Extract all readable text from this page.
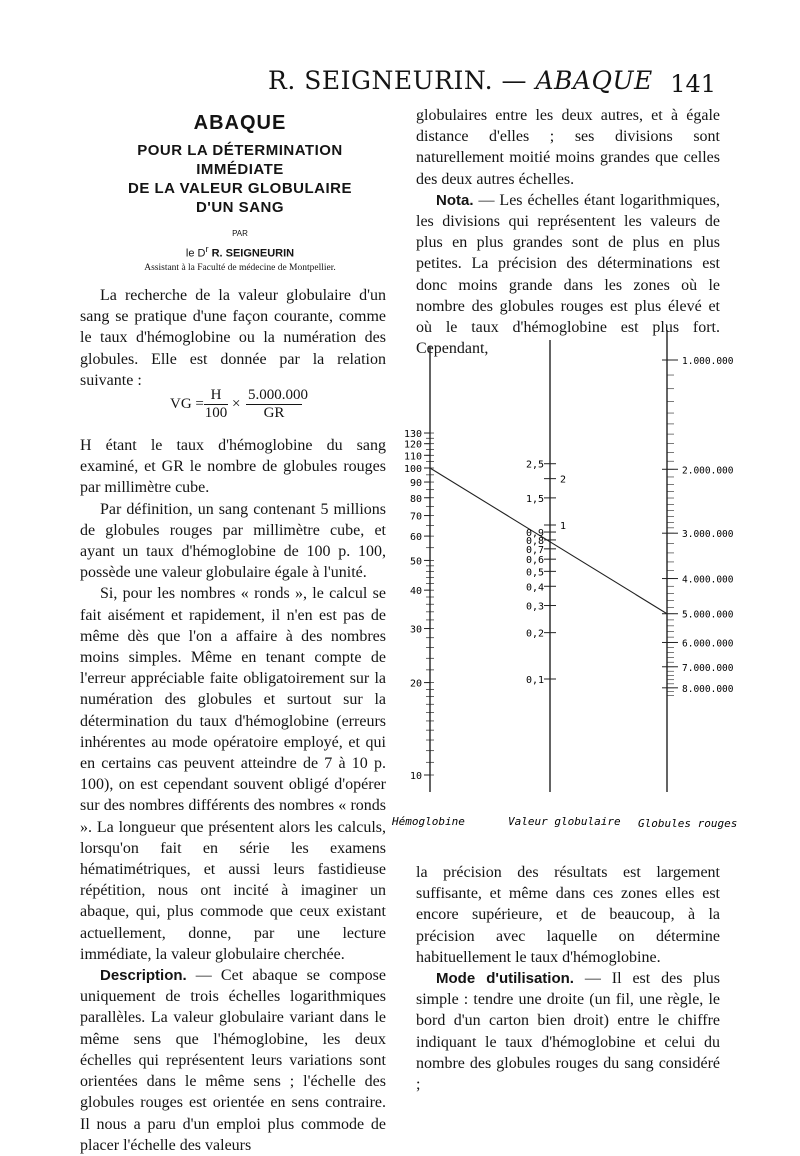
R. SEIGNEURIN. — ABAQUE 141
ABAQUE
POUR LA DÉTERMINATION
IMMÉDIATE
DE LA VALEUR GLOBULAIRE
D'UN SANG
PAR
le $D^r$ R. SEIGNEURIN
Assistant à la Faculté de médecine de Montpellier.

La recherche de la valeur globulaire d'un sang se pratique d'une façon courante, comme le taux d'hémoglobine ou la numération des globules. Elle est donnée par la relation suivante :

VG = $\frac{H}{100} \times \frac{5.000.000}{GR}$

H étant le taux d'hémoglobine du sang examiné, et GR le nombre de globules rouges par millimètre cube.

Par définition, un sang contenant 5 millions de globules rouges par millimètre cube, et ayant un taux d'hémoglobine de 100 p. 100, possède une valeur globulaire égale à l'unité.

Si, pour les nombres « ronds », le calcul se fait aisément et rapidement, il n'en est pas de même dès que l'on a affaire à des nombres moins simples. Même en tenant compte de l'erreur appréciable faite obligatoirement sur la numération des globules et surtout sur la détermination du taux d'hémoglobine (erreurs inhérentes au mode opératoire employé, et qui en certains cas peuvent atteindre de 7 à 10 p. 100), on est cependant souvent obligé d'opérer sur des nombres différents des nombres « ronds ». La longueur que présentent alors les calculs, lorsqu'on fait en série les examens hématimétriques, et aussi leurs fastidieuse répétition, nous ont incité à imaginer un abaque, qui, plus commode que ceux existant actuellement, donne, par une lecture immédiate, la valeur globulaire cherchée.

Description. — Cet abaque se compose uniquement de trois échelles logarithmiques parallèles. La valeur globulaire variant dans le même sens que l'hémoglobine, les deux échelles qui représentent leurs variations sont orientées dans le même sens ; l'échelle des globules rouges est orientée en sens contraire. Il nous a paru d'un emploi plus commode de placer l'échelle des valeurs

globulaires entre les deux autres, et à égale distance d'elles ; ses divisions sont naturellement moitié moins grandes que celles des deux autres échelles.

Nota. — Les échelles étant logarithmiques, les divisions qui représentent les valeurs de plus en plus grandes sont de plus en plus petites. La précision des déterminations est donc moins grande dans les zones où le nombre des globules rouges est plus élevé et où le taux d'hémoglobine est plus fort. Cependant,

130
120
110
100
90
80
70
60
50
40
30
20
10
2,5
2
1,5
1
0,9
0,8
0,7
0,6
0,5
0,4
0,3
0,2
0,1
1.000.000
2.000.000
3.000.000
4.000.000
5.000.000
6.000.000
7.000.000
8.000.000
Hémoglobine	Valeur globulaire Globules rouges

la précision des résultats est largement suffisante, et même dans ces zones elles est encore supérieure, et de beaucoup, à la précision avec laquelle on détermine habituellement le taux d'hémoglobine.

Mode d'utilisation. — Il est des plus simple : tendre une droite (un fil, une règle, le bord d'un carton bien droit) entre le chiffre indiquant le taux d'hémoglobine et celui du nombre des globules rouges du sang considéré ;
